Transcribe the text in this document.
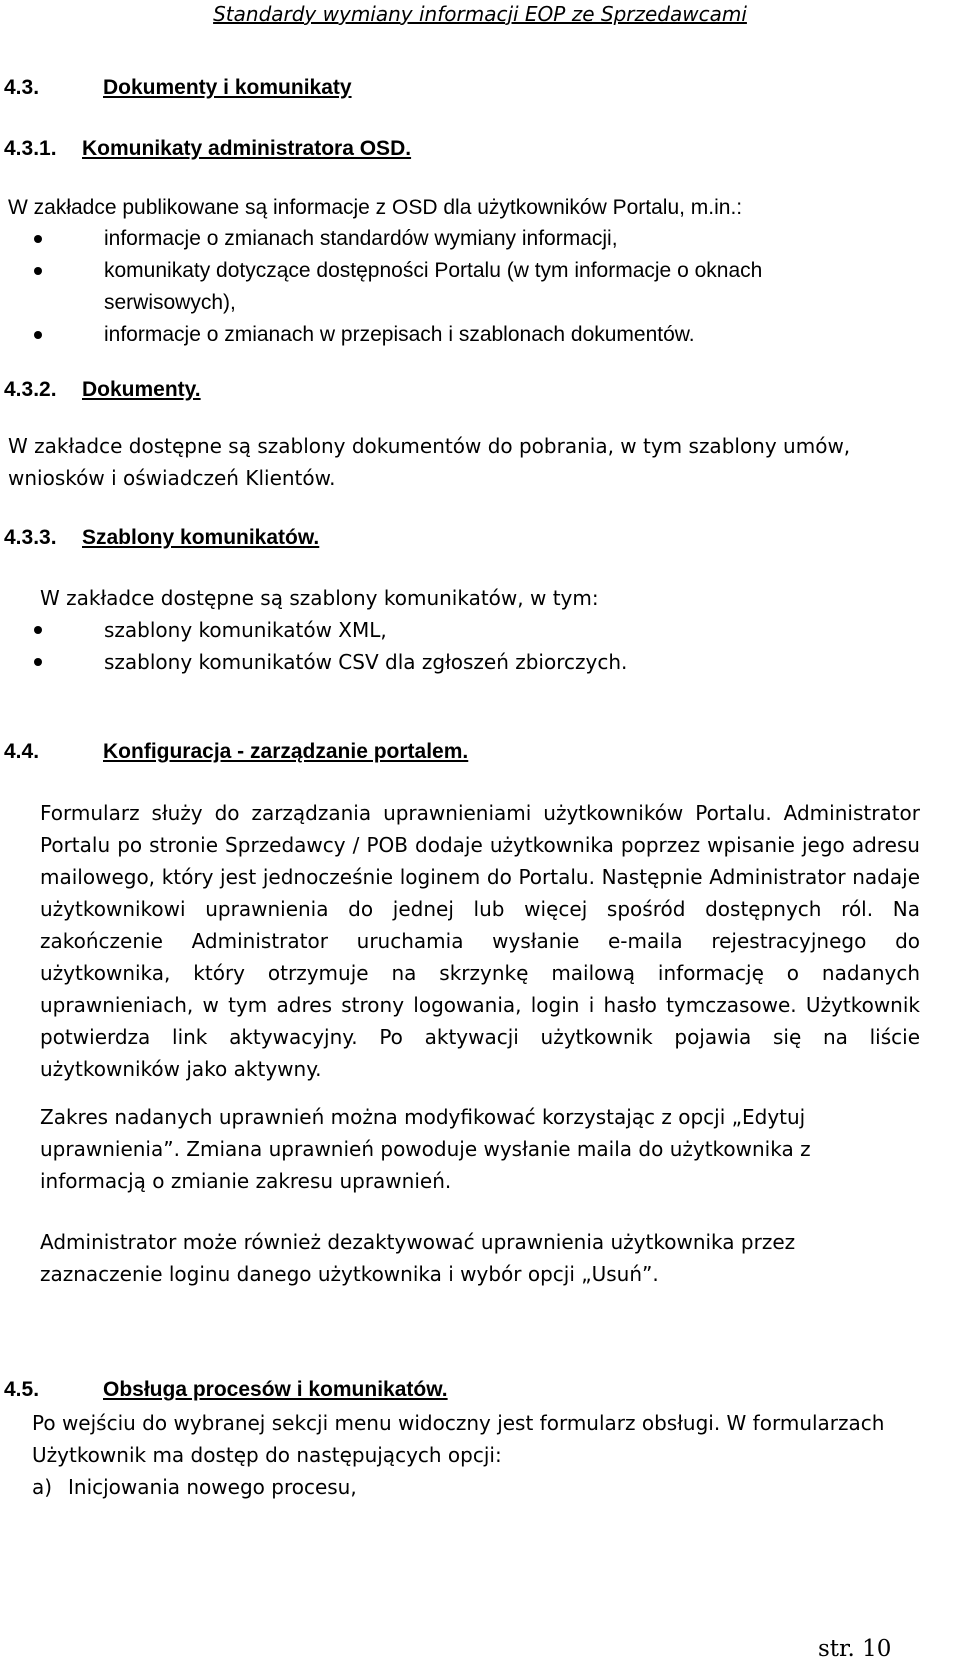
Standardy wymiany informacji EOP ze Sprzedawcami
4.3.	Dokumenty i komunikaty
4.3.1. Komunikaty administratora OSD.
W zakładce publikowane są informacje z OSD dla użytkowników Portalu, m.in.:
informacje o zmianach standardów wymiany informacji,
komunikaty dotyczące dostępności Portalu (w tym informacje o oknach serwisowych),
informacje o zmianach w przepisach i szablonach dokumentów.
4.3.2. Dokumenty.
W zakładce dostępne są szablony dokumentów do pobrania, w tym szablony umów, wniosków i oświadczeń Klientów.
4.3.3. Szablony komunikatów.
W zakładce dostępne są szablony komunikatów, w tym:
szablony komunikatów XML,
szablony komunikatów CSV dla zgłoszeń zbiorczych.
4.4.	Konfiguracja - zarządzanie portalem.
Formularz służy do zarządzania uprawnieniami użytkowników Portalu. Administrator Portalu po stronie Sprzedawcy / POB dodaje użytkownika poprzez wpisanie jego adresu mailowego, który jest jednocześnie loginem do Portalu. Następnie Administrator nadaje użytkownikowi uprawnienia do jednej lub więcej spośród dostępnych ról. Na zakończenie Administrator uruchamia wysłanie e-maila rejestracyjnego do użytkownika, który otrzymuje na skrzynkę mailową informację o nadanych uprawnieniach, w tym adres strony logowania, login i hasło tymczasowe. Użytkownik potwierdza link aktywacyjny. Po aktywacji użytkownik pojawia się na liście użytkowników jako aktywny.
Zakres nadanych uprawnień można modyfikować korzystając z opcji „Edytuj uprawnienia”. Zmiana uprawnień powoduje wysłanie maila do użytkownika z informacją o zmianie zakresu uprawnień.
Administrator może również dezaktywować uprawnienia użytkownika przez zaznaczenie loginu danego użytkownika i wybór opcji „Usuń”.
4.5.	Obsługa procesów i komunikatów.
Po wejściu do wybranej sekcji menu widoczny jest formularz obsługi. W formularzach Użytkownik ma dostęp do następujących opcji:
a) Inicjowania nowego procesu,
str. 10
